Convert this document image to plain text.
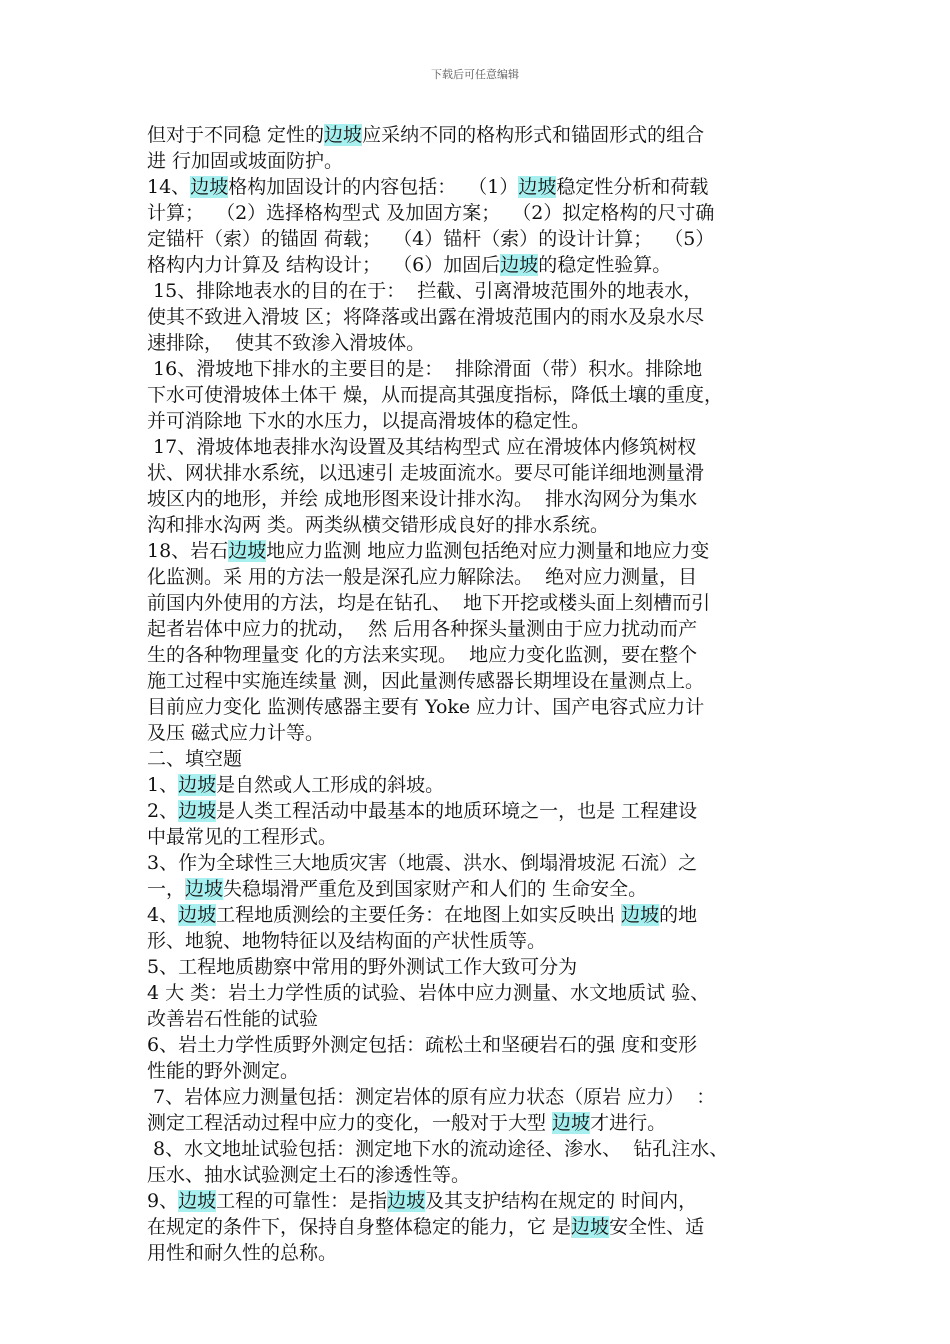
下载后可任意编辑
但对于不同稳 定性的边坡应采纳不同的格构形式和锚固形式的组合
进 行加固或坡面防护。
14、边坡格构加固设计的内容包括：  （1）边坡稳定性分析和荷载
计算；  （2）选择格构型式 及加固方案；  （2）拟定格构的尺寸确
定锚杆（索）的锚固 荷载；  （4）锚杆（索）的设计计算；  （5）
格构内力计算及 结构设计；  （6）加固后边坡的稳定性验算。
15、排除地表水的目的在于：  拦截、引离滑坡范围外的地表水，
使其不致进入滑坡 区；将降落或出露在滑坡范围内的雨水及泉水尽
速排除，  使其不致渗入滑坡体。
16、滑坡地下排水的主要目的是：  排除滑面（带）积水。排除地
下水可使滑坡体土体干 燥，从而提高其强度指标，降低土壤的重度，
并可消除地 下水的水压力，以提高滑坡体的稳定性。
17、滑坡体地表排水沟设置及其结构型式 应在滑坡体内修筑树杈
状、网状排水系统，以迅速引 走坡面流水。要尽可能详细地测量滑
坡区内的地形，并绘 成地形图来设计排水沟。  排水沟网分为集水
沟和排水沟两 类。两类纵横交错形成良好的排水系统。
18、岩石边坡地应力监测 地应力监测包括绝对应力测量和地应力变
化监测。采 用的方法一般是深孔应力解除法。  绝对应力测量，目
前国内外使用的方法，均是在钻孔、  地下开挖或楼头面上刻槽而引
起者岩体中应力的扰动，  然 后用各种探头量测由于应力扰动而产
生的各种物理量变 化的方法来实现。  地应力变化监测，要在整个
施工过程中实施连续量 测，因此量测传感器长期埋设在量测点上。
目前应力变化 监测传感器主要有 Yoke 应力计、国产电容式应力计
及压 磁式应力计等。
二、填空题
1、边坡是自然或人工形成的斜坡。
2、边坡是人类工程活动中最基本的地质环境之一，也是 工程建设
中最常见的工程形式。
3、作为全球性三大地质灾害（地震、洪水、倒塌滑坡泥 石流）之
一，边坡失稳塌滑严重危及到国家财产和人们的 生命安全。
4、边坡工程地质测绘的主要任务：在地图上如实反映出 边坡的地
形、地貌、地物特征以及结构面的产状性质等。
5、工程地质勘察中常用的野外测试工作大致可分为
4 大 类：岩土力学性质的试验、岩体中应力测量、水文地质试 验、
改善岩石性能的试验
6、岩土力学性质野外测定包括：疏松土和坚硬岩石的强 度和变形
性能的野外测定。
7、岩体应力测量包括：测定岩体的原有应力状态（原岩 应力）  ：
测定工程活动过程中应力的变化，一般对于大型 边坡才进行。
8、水文地址试验包括：测定地下水的流动途径、渗水、  钻孔注水、
压水、抽水试验测定土石的渗透性等。
9、边坡工程的可靠性：是指边坡及其支护结构在规定的 时间内，
在规定的条件下，保持自身整体稳定的能力，它 是边坡安全性、适
用性和耐久性的总称。
